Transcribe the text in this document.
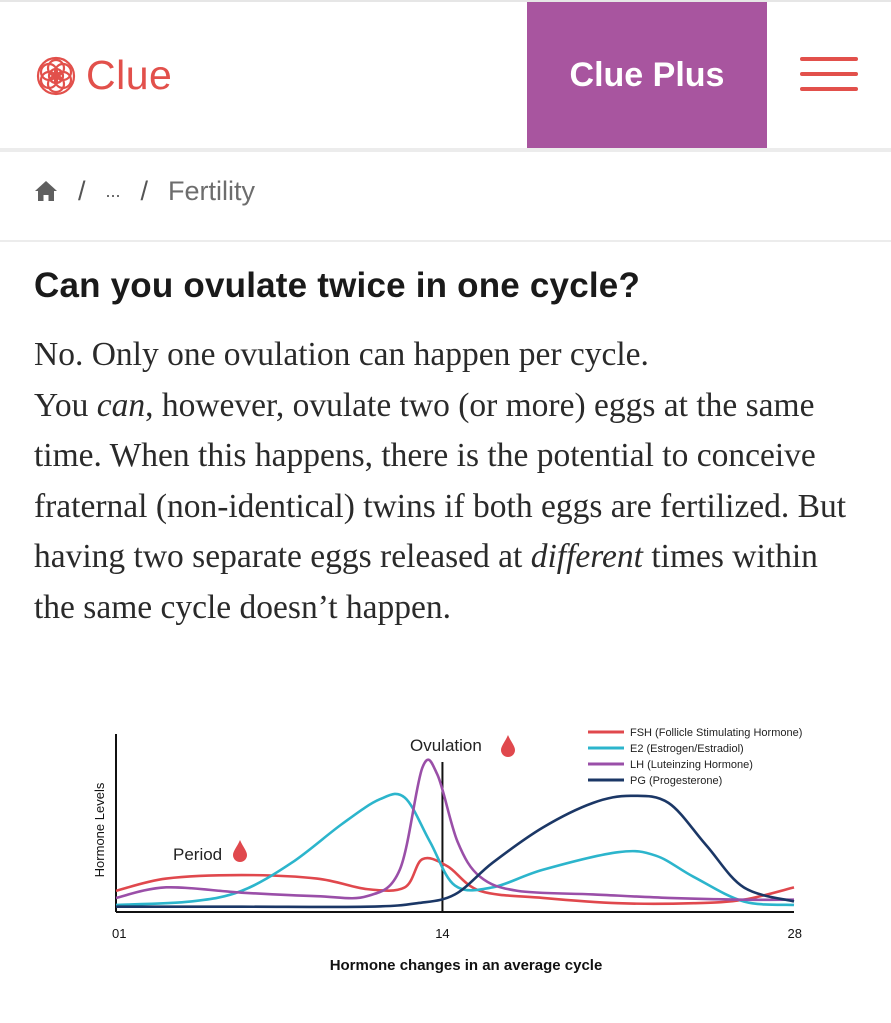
Clue	Clue Plus
/ ... / Fertility
Can you ovulate twice in one cycle?

No. Only one ovulation can happen per cycle.
You can, however, ovulate two (or more) eggs at the same time. When this happens, there is the potential to conceive fraternal (non-identical) twins if both eggs are fertilized. But having two separate eggs released at different times within the same cycle doesn’t happen.

01	14	28
Hormone changes in an average cycle
Hormone Levels
Ovulation
Period
FSH (Follicle Stimulating Hormone)
E2 (Estrogen/Estradiol)
LH (Luteinzing Hormone)
PG (Progesterone)
